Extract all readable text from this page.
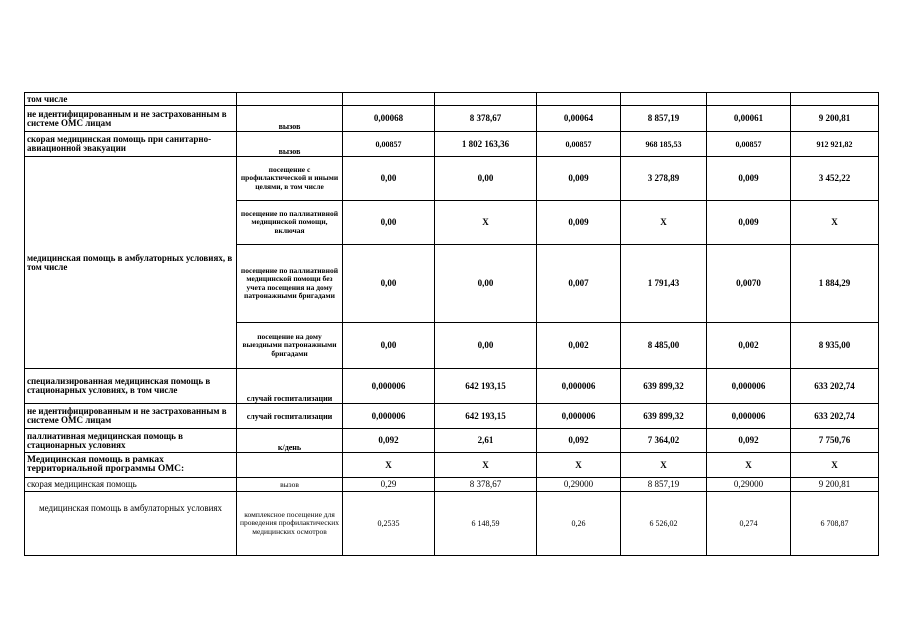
том числе							
не идентифицированным и не застрахованным в системе ОМС лицам	вызов	0,00068	8 378,67	0,00064	8 857,19	0,00061	9 200,81
скорая медицинская помощь при санитарно-авиационной эвакуации	вызов	0,00857	1 802 163,36	0,00857	968 185,53	0,00857	912 921,82
медицинская помощь в амбулаторных условиях, в том числе	посещение с профилактической и иными целями, в том числе	0,00	0,00	0,009	3 278,89	0,009	3 452,22
	посещение по паллиативной медицинской помощи, включая	0,00	X	0,009	X	0,009	X
	посещение по паллиативной медицинской помощи без учета посещения на дому патронажными бригадами	0,00	0,00	0,007	1 791,43	0,0070	1 884,29
	посещение на дому выездными патронажными бригадами	0,00	0,00	0,002	8 485,00	0,002	8 935,00
специализированная медицинская помощь в стационарных условиях, в том числе	случай госпитализации	0,000006	642 193,15	0,000006	639 899,32	0,000006	633 202,74
не идентифицированным и не застрахованным в системе ОМС лицам	случай госпитализации	0,000006	642 193,15	0,000006	639 899,32	0,000006	633 202,74
паллиативная медицинская помощь в стационарных условиях	к/день	0,092	2,61	0,092	7 364,02	0,092	7 750,76
Медицинская помощь в рамках территориальной программы ОМС:		X	X	X	X	X	X
скорая медицинская помощь	вызов	0,29	8 378,67	0,29000	8 857,19	0,29000	9 200,81
медицинская помощь в амбулаторных условиях	комплексное посещение для проведения профилактических медицинских осмотров	0,2535	6 148,59	0,26	6 526,02	0,274	6 708,87
